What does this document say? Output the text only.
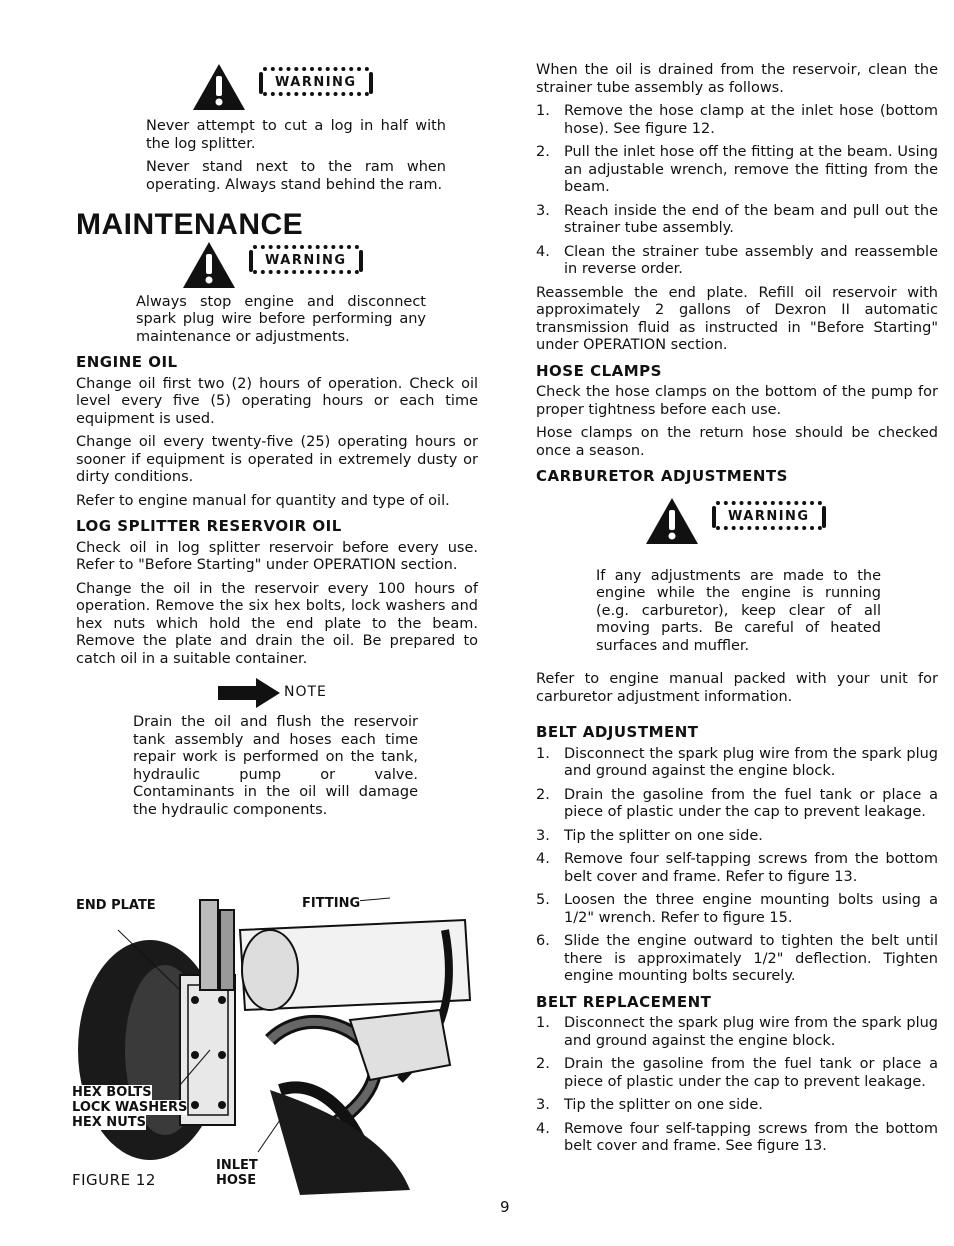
WARNING

Never attempt to cut a log in half with the log splitter.

Never stand next to the ram when operating. Always stand behind the ram.

MAINTENANCE
WARNING

Always stop engine and disconnect spark plug wire before performing any maintenance or adjustments.

ENGINE OIL

Change oil first two (2) hours of operation. Check oil level every five (5) operating hours or each time equipment is used.

Change oil every twenty-five (25) operating hours or sooner if equipment is operated in extremely dusty or dirty conditions.

Refer to engine manual for quantity and type of oil.

LOG SPLITTER RESERVOIR OIL

Check oil in log splitter reservoir before every use. Refer to "Before Starting" under OPERATION section.

Change the oil in the reservoir every 100 hours of operation. Remove the six hex bolts, lock washers and hex nuts which hold the end plate to the beam. Remove the plate and drain the oil. Be prepared to catch oil in a suitable container.

NOTE

Drain the oil and flush the reservoir tank assembly and hoses each time repair work is performed on the tank, hydraulic pump or valve. Contaminants in the oil will damage the hydraulic components.

END PLATE	FITTING
HEX BOLTS
LOCK WASHERS
HEX NUTS
INLET HOSE
FIGURE 12

When the oil is drained from the reservoir, clean the strainer tube assembly as follows.

1. Remove the hose clamp at the inlet hose (bottom hose). See figure 12.
2. Pull the inlet hose off the fitting at the beam. Using an adjustable wrench, remove the fitting from the beam.
3. Reach inside the end of the beam and pull out the strainer tube assembly.
4. Clean the strainer tube assembly and reassemble in reverse order.

Reassemble the end plate. Refill oil reservoir with approximately 2 gallons of Dexron II automatic transmission fluid as instructed in "Before Starting" under OPERATION section.

HOSE CLAMPS

Check the hose clamps on the bottom of the pump for proper tightness before each use.

Hose clamps on the return hose should be checked once a season.

CARBURETOR ADJUSTMENTS
WARNING

If any adjustments are made to the engine while the engine is running (e.g. carburetor), keep clear of all moving parts. Be careful of heated surfaces and muffler.

Refer to engine manual packed with your unit for carburetor adjustment information.

BELT ADJUSTMENT
1. Disconnect the spark plug wire from the spark plug and ground against the engine block.
2. Drain the gasoline from the fuel tank or place a piece of plastic under the cap to prevent leakage.
3. Tip the splitter on one side.
4. Remove four self-tapping screws from the bottom belt cover and frame. Refer to figure 13.
5. Loosen the three engine mounting bolts using a 1/2" wrench. Refer to figure 15.
6. Slide the engine outward to tighten the belt until there is approximately 1/2" deflection. Tighten engine mounting bolts securely.
BELT REPLACEMENT
1. Disconnect the spark plug wire from the spark plug and ground against the engine block.
2. Drain the gasoline from the fuel tank or place a piece of plastic under the cap to prevent leakage.
3. Tip the splitter on one side.
4. Remove four self-tapping screws from the bottom belt cover and frame. See figure 13.
9
